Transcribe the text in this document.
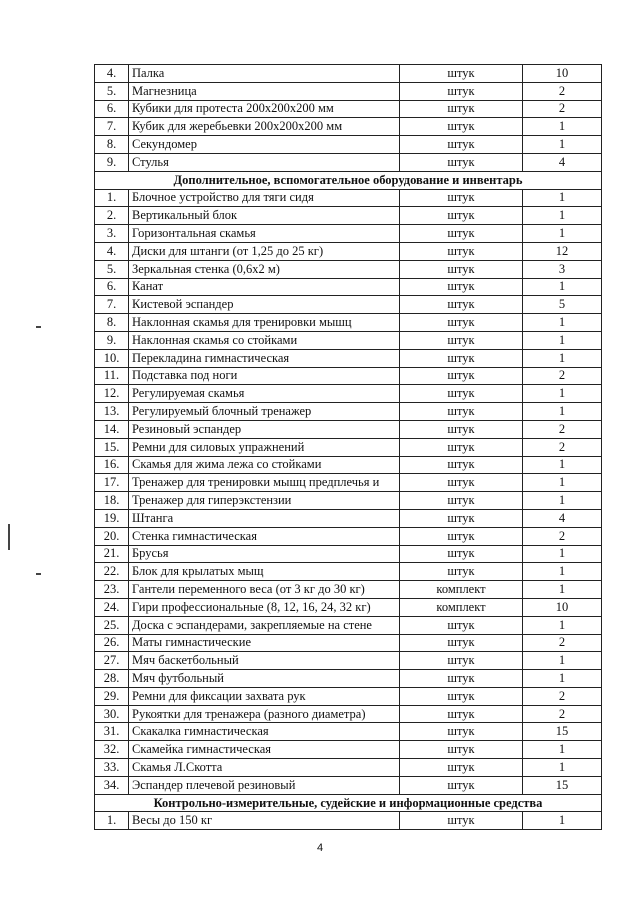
4.	Палка	штук	10
5.	Магнезница	штук	2
6.	Кубики для протеста 200х200х200 мм	штук	2
7.	Кубик для жеребьевки 200х200х200 мм	штук	1
8.	Секундомер	штук	1
9.	Стулья	штук	4
Дополнительное, вспомогательное оборудование и инвентарь			
1.	Блочное устройство для тяги сидя	штук	1
2.	Вертикальный блок	штук	1
3.	Горизонтальная скамья	штук	1
4.	Диски для штанги (от 1,25 до 25 кг)	штук	12
5.	Зеркальная стенка (0,6х2 м)	штук	3
6.	Канат	штук	1
7.	Кистевой эспандер	штук	5
8.	Наклонная скамья для тренировки мышц	штук	1
9.	Наклонная скамья со стойками	штук	1
10.	Перекладина гимнастическая	штук	1
11.	Подставка под ноги	штук	2
12.	Регулируемая скамья	штук	1
13.	Регулируемый блочный тренажер	штук	1
14.	Резиновый эспандер	штук	2
15.	Ремни для силовых упражнений	штук	2
16.	Скамья для жима лежа со стойками	штук	1
17.	Тренажер для тренировки мышц предплечья и	штук	1
18.	Тренажер для гиперэкстензии	штук	1
19.	Штанга	штук	4
20.	Стенка гимнастическая	штук	2
21.	Брусья	штук	1
22.	Блок для крылатых мыщ	штук	1
23.	Гантели переменного веса (от 3 кг до 30 кг)	комплект	1
24.	Гири профессиональные (8, 12, 16, 24, 32 кг)	комплект	10
25.	Доска с эспандерами, закрепляемые на стене	штук	1
26.	Маты гимнастические	штук	2
27.	Мяч баскетбольный	штук	1
28.	Мяч футбольный	штук	1
29.	Ремни для фиксации захвата рук	штук	2
30.	Рукоятки для тренажера (разного диаметра)	штук	2
31.	Скакалка гимнастическая	штук	15
32.	Скамейка гимнастическая	штук	1
33.	Скамья Л.Скотта	штук	1
34.	Эспандер плечевой резиновый	штук	15
Контрольно-измерительные, судейские и информационные средства			
1.	Весы до 150 кг	штук	1
4
